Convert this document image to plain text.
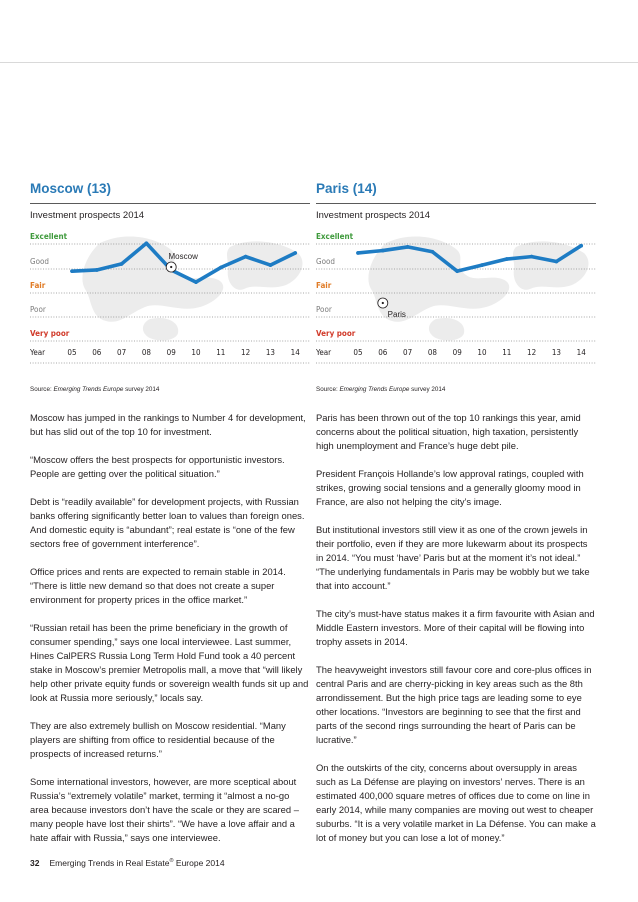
Moscow (13)
Investment prospects 2014
Excellent
Good
Fair
Poor
Very poor
Year	05 06 07 08 09 10 11 12 13 14
Moscow
Source: Emerging Trends Europe survey 2014

Moscow has jumped in the rankings to Number 4 for development, but has slid out of the top 10 for investment.

“Moscow offers the best prospects for opportunistic investors. People are getting over the political situation.”

Debt is “readily available” for development projects, with Russian banks offering significantly better loan to values than foreign ones. And domestic equity is “abundant”; real estate is “one of the few sectors free of government interference”.

Office prices and rents are expected to remain stable in 2014. “There is little new demand so that does not create a super environment for property prices in the office market.”

“Russian retail has been the prime beneficiary in the growth of consumer spending,” says one local interviewee. Last summer, Hines CalPERS Russia Long Term Hold Fund took a 40 percent stake in Moscow’s premier Metropolis mall, a move that “will likely help other private equity funds or sovereign wealth funds sit up and look at Russia more seriously,” locals say.

They are also extremely bullish on Moscow residential. “Many players are shifting from office to residential because of the prospects of increased returns.”

Some international investors, however, are more sceptical about Russia’s “extremely volatile” market, terming it “almost a no-go area because investors don’t have the scale or they are scared – many people have lost their shirts”. “We have a love affair and a hate affair with Russia,” says one interviewee.

Paris (14)
Investment prospects 2014
Excellent
Good
Fair
Poor
Very poor
Year	05 06 07 08 09 10 11 12 13 14
Paris
Source: Emerging Trends Europe survey 2014

Paris has been thrown out of the top 10 rankings this year, amid concerns about the political situation, high taxation, persistently high unemployment and France’s huge debt pile.

President François Hollande’s low approval ratings, coupled with strikes, growing social tensions and a generally gloomy mood in France, are also not helping the city’s image.

But institutional investors still view it as one of the crown jewels in their portfolio, even if they are more lukewarm about its prospects in 2014. “You must ‘have’ Paris but at the moment it’s not ideal.” “The underlying fundamentals in Paris may be wobbly but we take that into account.”

The city’s must-have status makes it a firm favourite with Asian and Middle Eastern investors. More of their capital will be flowing into trophy assets in 2014.

The heavyweight investors still favour core and core-plus offices in central Paris and are cherry-picking in key areas such as the 8th arrondissement. But the high price tags are leading some to eye other locations. “Investors are beginning to see that the first and parts of the second rings surrounding the heart of Paris can be lucrative.”

On the outskirts of the city, concerns about oversupply in areas such as La Défense are playing on investors’ nerves. There is an estimated 400,000 square metres of offices due to come on line in early 2014, while many companies are moving out west to cheaper suburbs. “It is a very volatile market in La Défense. You can make a lot of money but you can lose a lot of money.”

32 Emerging Trends in Real Estate® Europe 2014
